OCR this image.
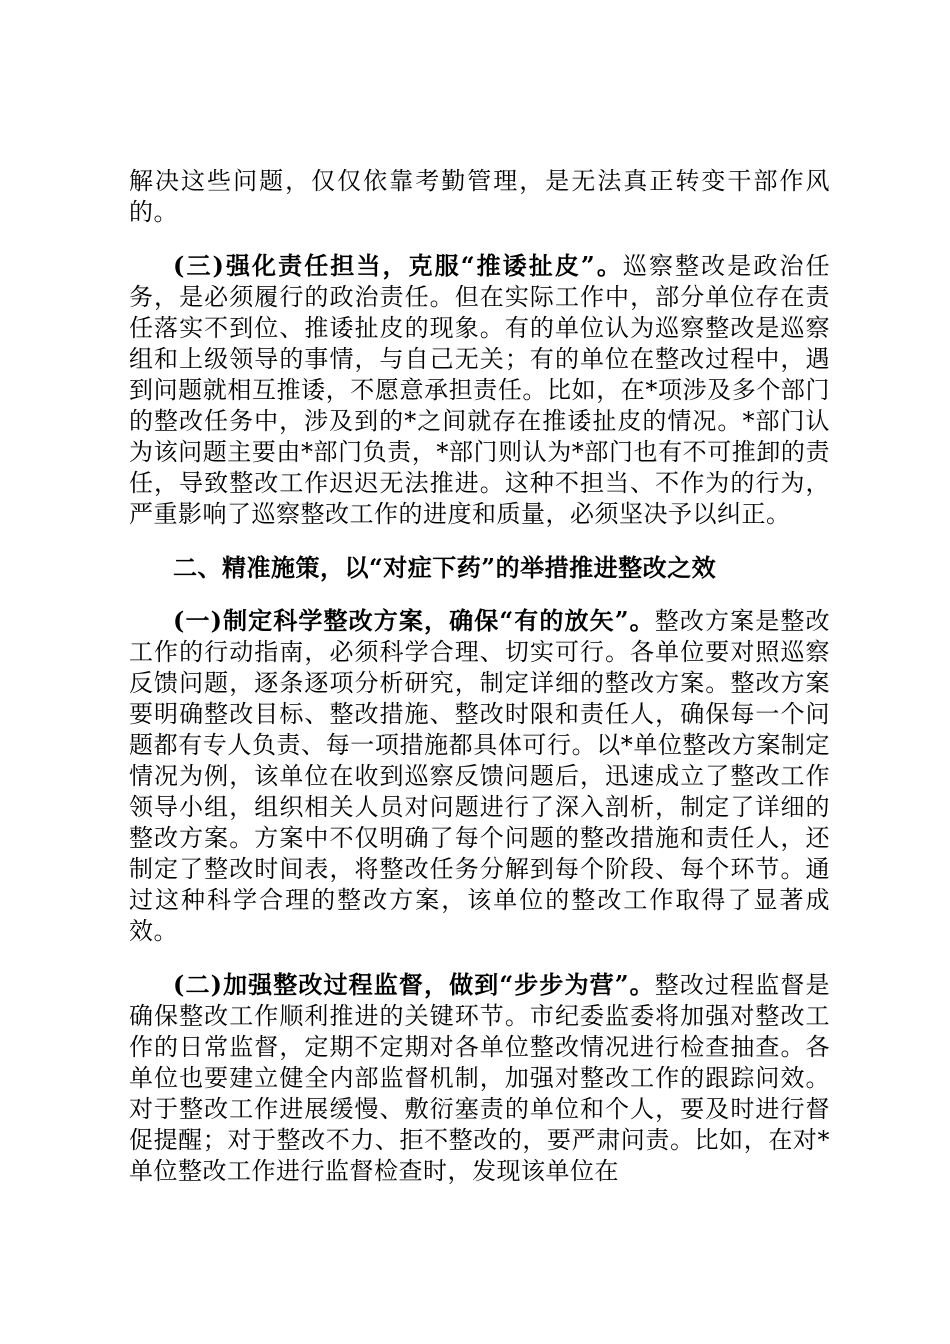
解决这些问题，仅仅依靠考勤管理，是无法真正转变干部作风的。

(三)强化责任担当，克服“推诿扯皮”。巡察整改是政治任务，是必须履行的政治责任。但在实际工作中，部分单位存在责任落实不到位、推诿扯皮的现象。有的单位认为巡察整改是巡察组和上级领导的事情，与自己无关；有的单位在整改过程中，遇到问题就相互推诿，不愿意承担责任。比如，在*项涉及多个部门的整改任务中，涉及到的*之间就存在推诿扯皮的情况。*部门认为该问题主要由*部门负责，*部门则认为*部门也有不可推卸的责任，导致整改工作迟迟无法推进。这种不担当、不作为的行为，严重影响了巡察整改工作的进度和质量，必须坚决予以纠正。

二、精准施策，以“对症下药”的举措推进整改之效

(一)制定科学整改方案，确保“有的放矢”。整改方案是整改工作的行动指南，必须科学合理、切实可行。各单位要对照巡察反馈问题，逐条逐项分析研究，制定详细的整改方案。整改方案要明确整改目标、整改措施、整改时限和责任人，确保每一个问题都有专人负责、每一项措施都具体可行。以*单位整改方案制定情况为例，该单位在收到巡察反馈问题后，迅速成立了整改工作领导小组，组织相关人员对问题进行了深入剖析，制定了详细的整改方案。方案中不仅明确了每个问题的整改措施和责任人，还制定了整改时间表，将整改任务分解到每个阶段、每个环节。通过这种科学合理的整改方案，该单位的整改工作取得了显著成效。

(二)加强整改过程监督，做到“步步为营”。整改过程监督是确保整改工作顺利推进的关键环节。市纪委监委将加强对整改工作的日常监督，定期不定期对各单位整改情况进行检查抽查。各单位也要建立健全内部监督机制，加强对整改工作的跟踪问效。对于整改工作进展缓慢、敷衍塞责的单位和个人，要及时进行督促提醒；对于整改不力、拒不整改的，要严肃问责。比如，在对*单位整改工作进行监督检查时，发现该单位在
